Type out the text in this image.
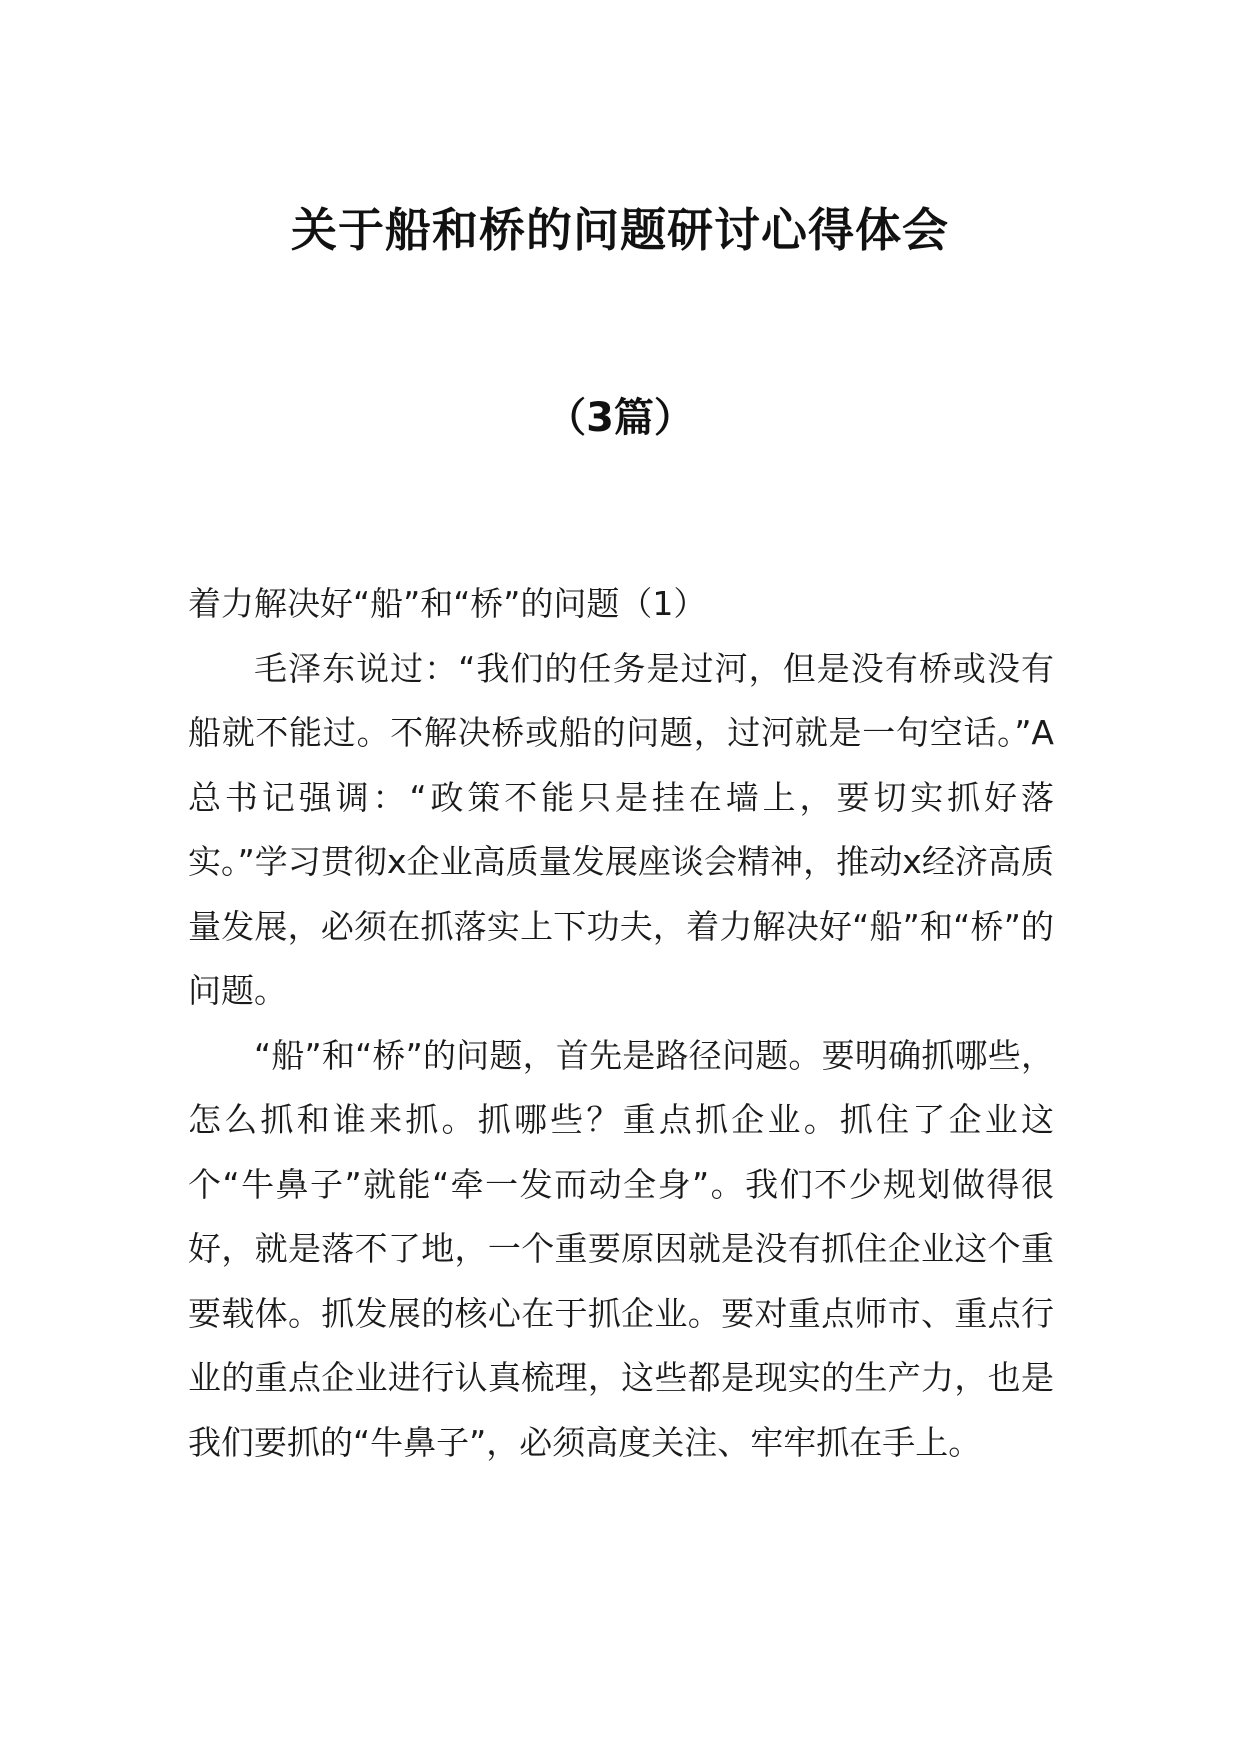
关于船和桥的问题研讨心得体会
（3篇）

着力解决好“船”和“桥”的问题（1）

毛泽东说过：“我们的任务是过河，但是没有桥或没有船就不能过。不解决桥或船的问题，过河就是一句空话。”A总书记强调：“政策不能只是挂在墙上，要切实抓好落实。”学习贯彻x企业高质量发展座谈会精神，推动x经济高质量发展，必须在抓落实上下功夫，着力解决好“船”和“桥”的问题。

“船”和“桥”的问题，首先是路径问题。要明确抓哪些，怎么抓和谁来抓。抓哪些？重点抓企业。抓住了企业这个“牛鼻子”就能“牵一发而动全身”。我们不少规划做得很好，就是落不了地，一个重要原因就是没有抓住企业这个重要载体。抓发展的核心在于抓企业。要对重点师市、重点行业的重点企业进行认真梳理，这些都是现实的生产力，也是我们要抓的“牛鼻子”，必须高度关注、牢牢抓在手上。
